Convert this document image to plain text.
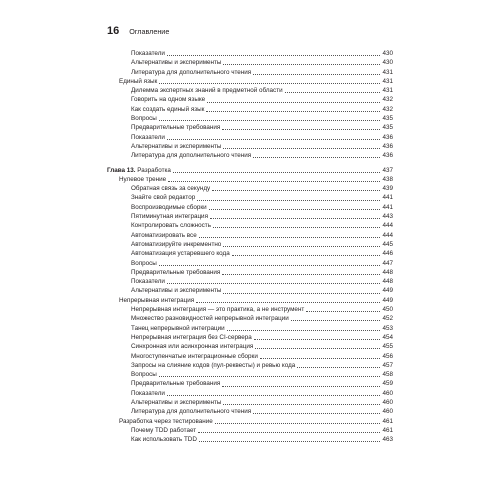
16 Оглавление
Показатели	430
Альтернативы и эксперименты	430
Литература для дополнительного чтения	431
Единый язык	431
Дилемма экспертных знаний в предметной области	431
Говорить на одном языке	432
Как создать единый язык	432
Вопросы	435
Предварительные требования	435
Показатели	436
Альтернативы и эксперименты	436
Литература для дополнительного чтения	436
Глава 13. Разработка	437
Нулевое трение	438
Обратная связь за секунду	439
Знайте свой редактор	441
Воспроизводимые сборки	441
Пятиминутная интеграция	443
Контролировать сложность	444
Автоматизировать все	444
Автоматизируйте инкрементно	445
Автоматизация устаревшего кода	446
Вопросы	447
Предварительные требования	448
Показатели	448
Альтернативы и эксперименты	449
Непрерывная интеграция	449
Непрерывная интеграция — это практика, а не инструмент	450
Множество разновидностей непрерывной интеграции	452
Танец непрерывной интеграции	453
Непрерывная интеграция без CI-сервера	454
Синхронная или асинхронная интеграция	455
Многоступенчатые интеграционные сборки	456
Запросы на слияние кодов (пул-реквесты) и ревью кода	457
Вопросы	458
Предварительные требования	459
Показатели	460
Альтернативы и эксперименты	460
Литература для дополнительного чтения	460
Разработка через тестирование	461
Почему TDD работает	461
Как использовать TDD	463
